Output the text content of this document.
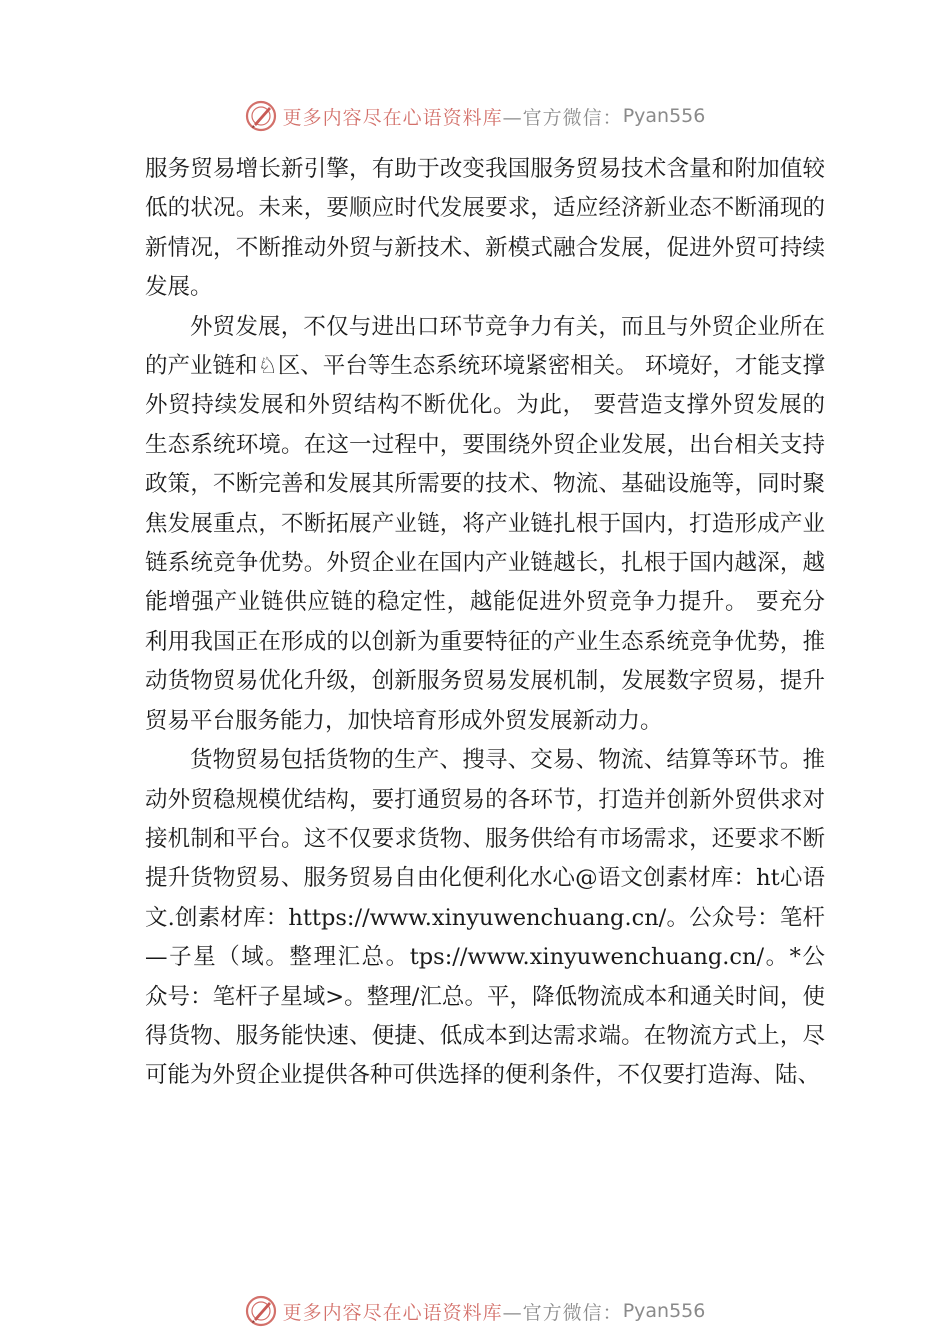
更多内容尽在心语资料库 —官方微信： Pyan556

服务贸易增长新引擎，有助于改变我国服务贸易技术含量和附加值较低的状况。未来，要顺应时代发展要求，适应经济新业态不断涌现的新情况，不断推动外贸与新技术、新模式融合发展，促进外贸可持续发展。

外贸发展，不仅与进出口环节竞争力有关，而且与外贸企业所在的产业链和♘区、平台等生态系统环境紧密相关。 环境好，才能支撑外贸持续发展和外贸结构不断优化。为此， 要营造支撑外贸发展的生态系统环境。在这一过程中，要围绕外贸企业发展，出台相关支持政策，不断完善和发展其所需要的技术、物流、基础设施等，同时聚焦发展重点，不断拓展产业链，将产业链扎根于国内，打造形成产业链系统竞争优势。外贸企业在国内产业链越长，扎根于国内越深，越能增强产业链供应链的稳定性，越能促进外贸竞争力提升。 要充分利用我国正在形成的以创新为重要特征的产业生态系统竞争优势，推动货物贸易优化升级，创新服务贸易发展机制，发展数字贸易，提升贸易平台服务能力，加快培育形成外贸发展新动力。

货物贸易包括货物的生产、搜寻、交易、物流、结算等环节。推动外贸稳规模优结构，要打通贸易的各环节，打造并创新外贸供求对接机制和平台。这不仅要求货物、服务供给有市场需求，还要求不断提升货物贸易、服务贸易自由化便利化水心@语文创素材库：ht心语文.创素材库：https://www.xinyuwenchuang.cn/。公众号：笔杆—子星（域。整理汇总。tps://www.xinyuwenchuang.cn/。*公众号：笔杆子星域>。整理/汇总。平，降低物流成本和通关时间，使得货物、服务能快速、便捷、低成本到达需求端。在物流方式上，尽可能为外贸企业提供各种可供选择的便利条件，不仅要打造海、陆、

更多内容尽在心语资料库 —官方微信： Pyan556
